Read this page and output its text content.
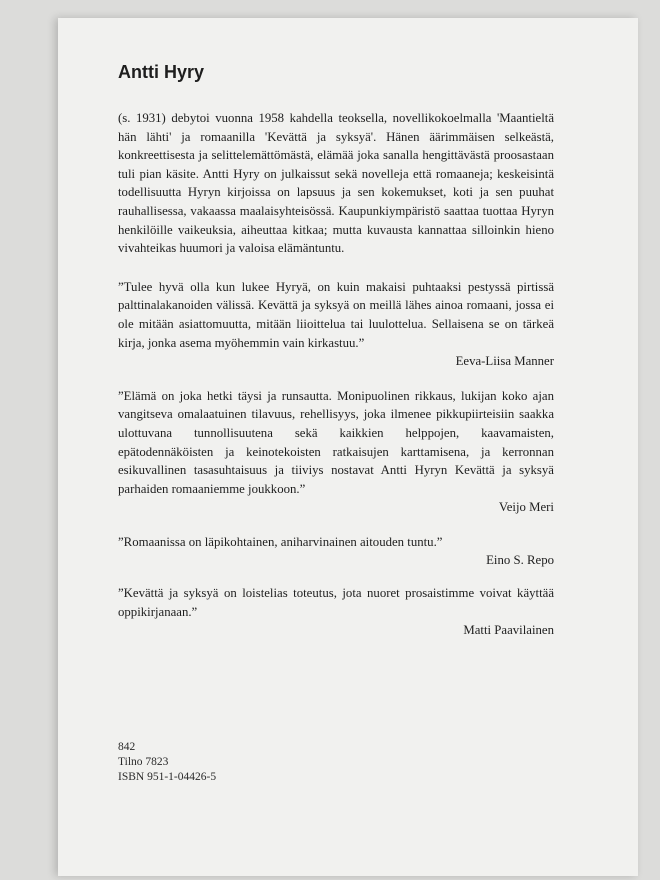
Antti Hyry

(s. 1931) debytoi vuonna 1958 kahdella teoksella, novellikokoelmalla 'Maantieltä hän lähti' ja romaanilla 'Kevättä ja syksyä'. Hänen äärimmäisen selkeästä, konkreettisesta ja selittelemättömästä, elämää joka sanalla hengittävästä proosastaan tuli pian käsite. Antti Hyry on julkaissut sekä novelleja että romaaneja; keskeisintä todellisuutta Hyryn kirjoissa on lapsuus ja sen kokemukset, koti ja sen puuhat rauhallisessa, vakaassa maalaisyhteisössä. Kaupunkiympäristö saattaa tuottaa Hyryn henkilöille vaikeuksia, aiheuttaa kitkaa; mutta kuvausta kannattaa silloinkin hieno vivahteikas huumori ja valoisa elämäntuntu.

”Tulee hyvä olla kun lukee Hyryä, on kuin makaisi puhtaaksi pestyssä pirtissä palttinalakanoiden välissä. Kevättä ja syksyä on meillä lähes ainoa romaani, jossa ei ole mitään asiattomuutta, mitään liioittelua tai luulottelua. Sellaisena se on tärkeä kirja, jonka asema myöhemmin vain kirkastuu.”

Eeva-Liisa Manner

”Elämä on joka hetki täysi ja runsautta. Monipuolinen rikkaus, lukijan koko ajan vangitseva omalaatuinen tilavuus, rehellisyys, joka ilmenee pikkupiirteisiin saakka ulottuvana tunnollisuutena sekä kaikkien helppojen, kaavamaisten, epätodennäköisten ja keinotekoisten ratkaisujen karttamisena, ja kerronnan esikuvallinen tasasuhtaisuus ja tiiviys nostavat Antti Hyryn Kevättä ja syksyä parhaiden romaaniemme joukkoon.”

Veijo Meri

”Romaanissa on läpikohtainen, aniharvinainen aitouden tuntu.”

Eino S. Repo

”Kevättä ja syksyä on loistelias toteutus, jota nuoret prosaistimme voivat käyttää oppikirjanaan.”

Matti Paavilainen

842
Tilno 7823
ISBN 951-1-04426-5
